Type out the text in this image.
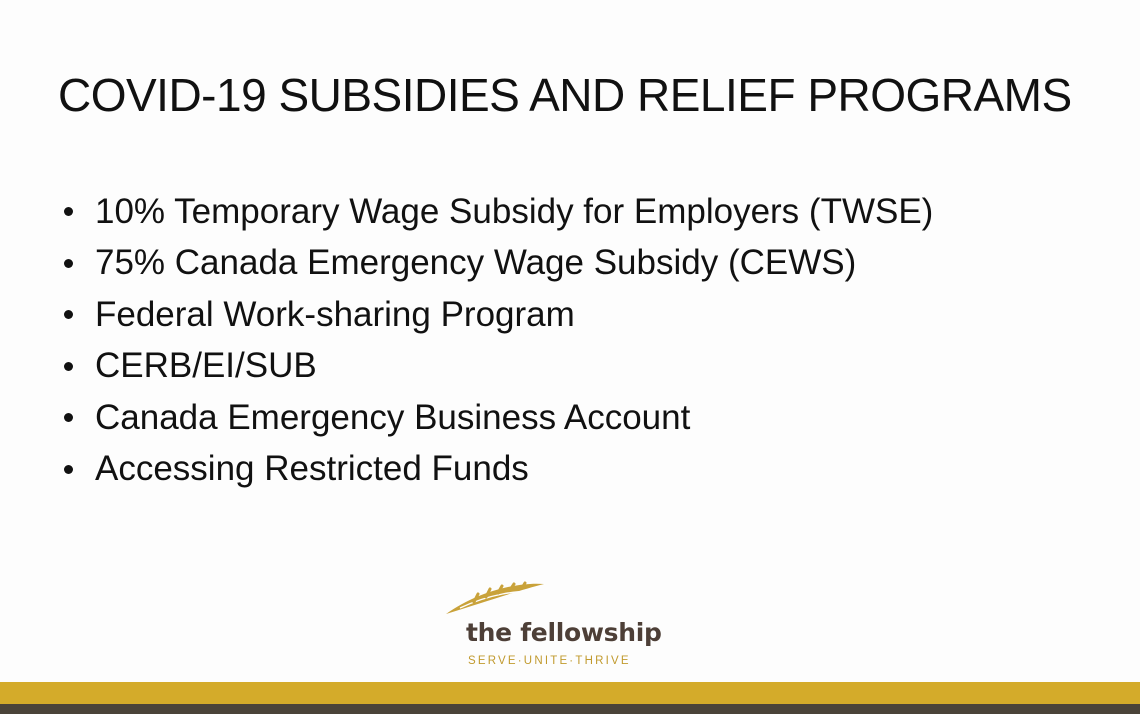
COVID-19 SUBSIDIES AND RELIEF PROGRAMS
10% Temporary Wage Subsidy for Employers (TWSE)
75% Canada Emergency Wage Subsidy (CEWS)
Federal Work-sharing Program
CERB/EI/SUB
Canada Emergency Business Account
Accessing Restricted Funds
the fellowship
SERVE·UNITE·THRIVE
